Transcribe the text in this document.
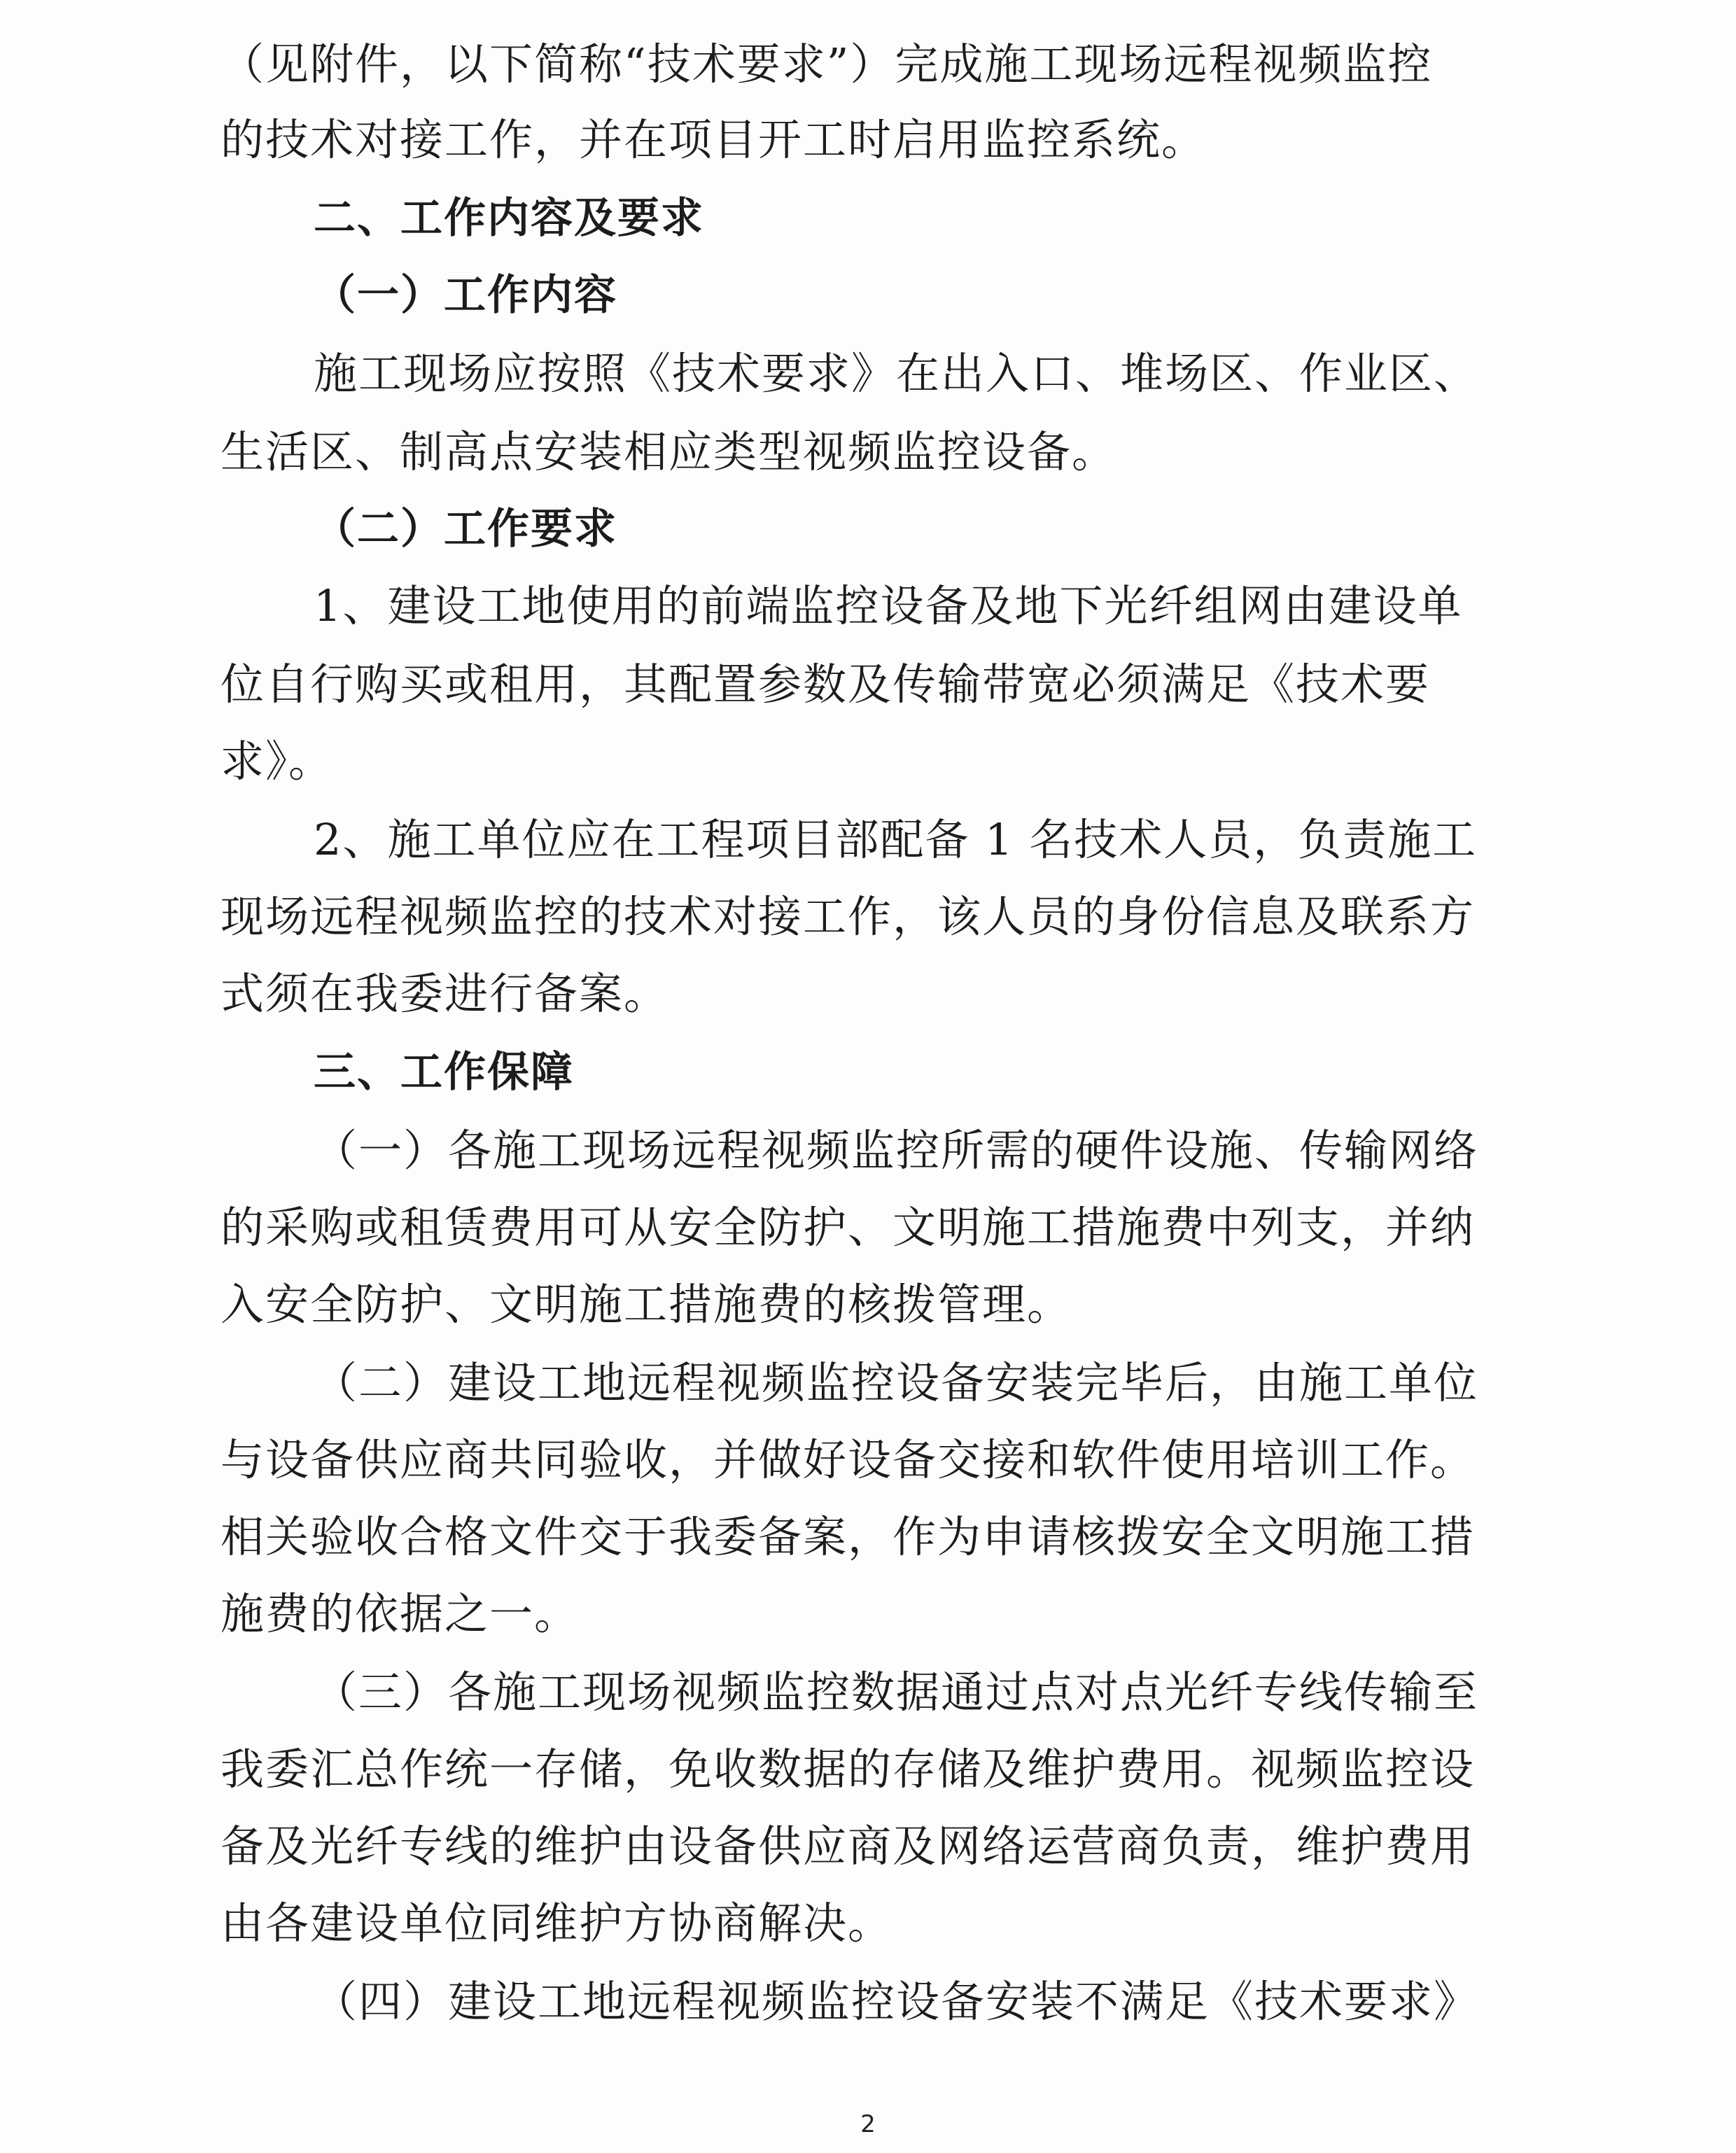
（见附件，以下简称“技术要求”）完成施工现场远程视频监控
的技术对接工作，并在项目开工时启用监控系统。
二、工作内容及要求
（一）工作内容
施工现场应按照《技术要求》在出入口、堆场区、作业区、
生活区、制高点安装相应类型视频监控设备。
（二）工作要求
1、建设工地使用的前端监控设备及地下光纤组网由建设单
位自行购买或租用，其配置参数及传输带宽必须满足《技术要
求》。
2、施工单位应在工程项目部配备 1 名技术人员，负责施工
现场远程视频监控的技术对接工作，该人员的身份信息及联系方
式须在我委进行备案。
三、工作保障
（一）各施工现场远程视频监控所需的硬件设施、传输网络
的采购或租赁费用可从安全防护、文明施工措施费中列支，并纳
入安全防护、文明施工措施费的核拨管理。
（二）建设工地远程视频监控设备安装完毕后，由施工单位
与设备供应商共同验收，并做好设备交接和软件使用培训工作。
相关验收合格文件交于我委备案，作为申请核拨安全文明施工措
施费的依据之一。
（三）各施工现场视频监控数据通过点对点光纤专线传输至
我委汇总作统一存储，免收数据的存储及维护费用。视频监控设
备及光纤专线的维护由设备供应商及网络运营商负责，维护费用
由各建设单位同维护方协商解决。
（四）建设工地远程视频监控设备安装不满足《技术要求》
2
